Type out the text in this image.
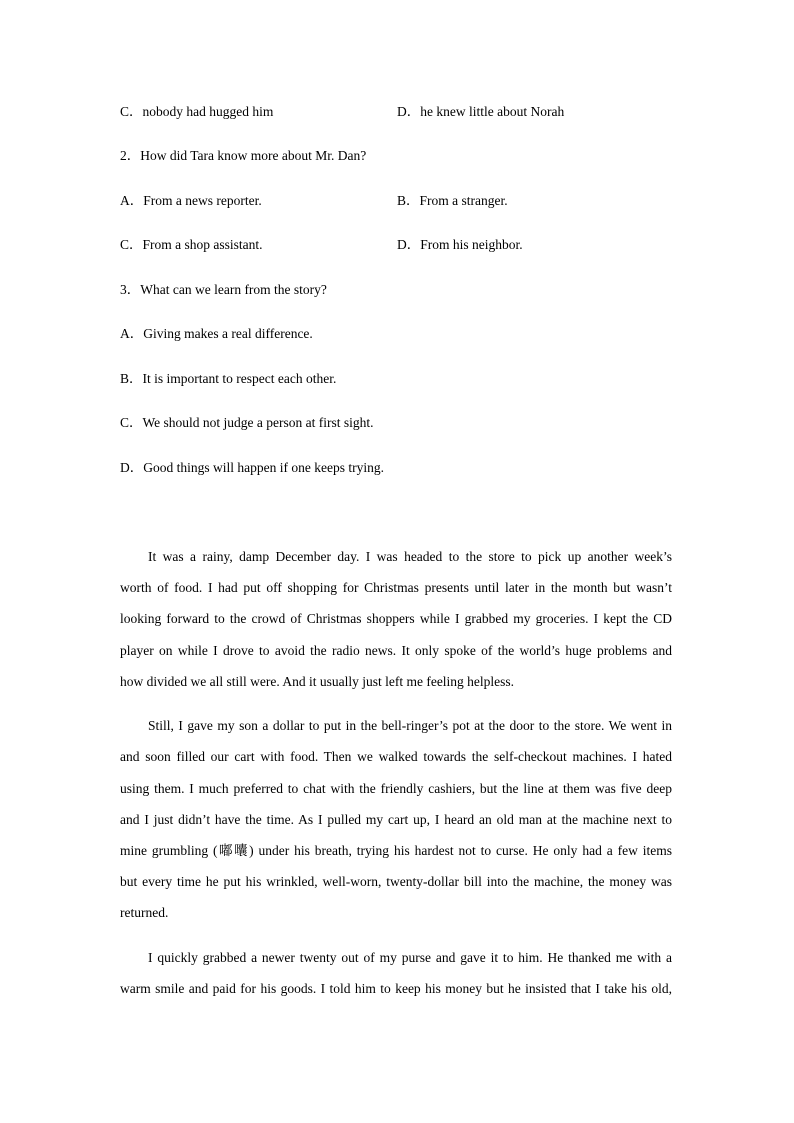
C．nobody had hugged him	D．he knew little about Norah
2．How did Tara know more about Mr. Dan?
A．From a news reporter.	B．From a stranger.
C．From a shop assistant.	D．From his neighbor.
3．What can we learn from the story?
A．Giving makes a real difference.
B．It is important to respect each other.
C．We should not judge a person at first sight.
D．Good things will happen if one keeps trying.
It was a rainy, damp December day. I was headed to the store to pick up another week’s
worth of food. I had put off shopping for Christmas presents until later in the month but wasn’t
looking forward to the crowd of Christmas shoppers while I grabbed my groceries. I kept the CD
player on while I drove to avoid the radio news. It only spoke of the world’s huge problems and
how divided we all still were. And it usually just left me feeling helpless.
Still, I gave my son a dollar to put in the bell-ringer’s pot at the door to the store. We went in
and soon filled our cart with food. Then we walked towards the self-checkout machines. I hated
using them. I much preferred to chat with the friendly cashiers, but the line at them was five deep
and I just didn’t have the time. As I pulled my cart up, I heard an old man at the machine next to
mine grumbling (嘟囔) under his breath, trying his hardest not to curse. He only had a few items
but every time he put his wrinkled, well-worn, twenty-dollar bill into the machine, the money was
returned.
I quickly grabbed a newer twenty out of my purse and gave it to him. He thanked me with a
warm smile and paid for his goods. I told him to keep his money but he insisted that I take his old,
